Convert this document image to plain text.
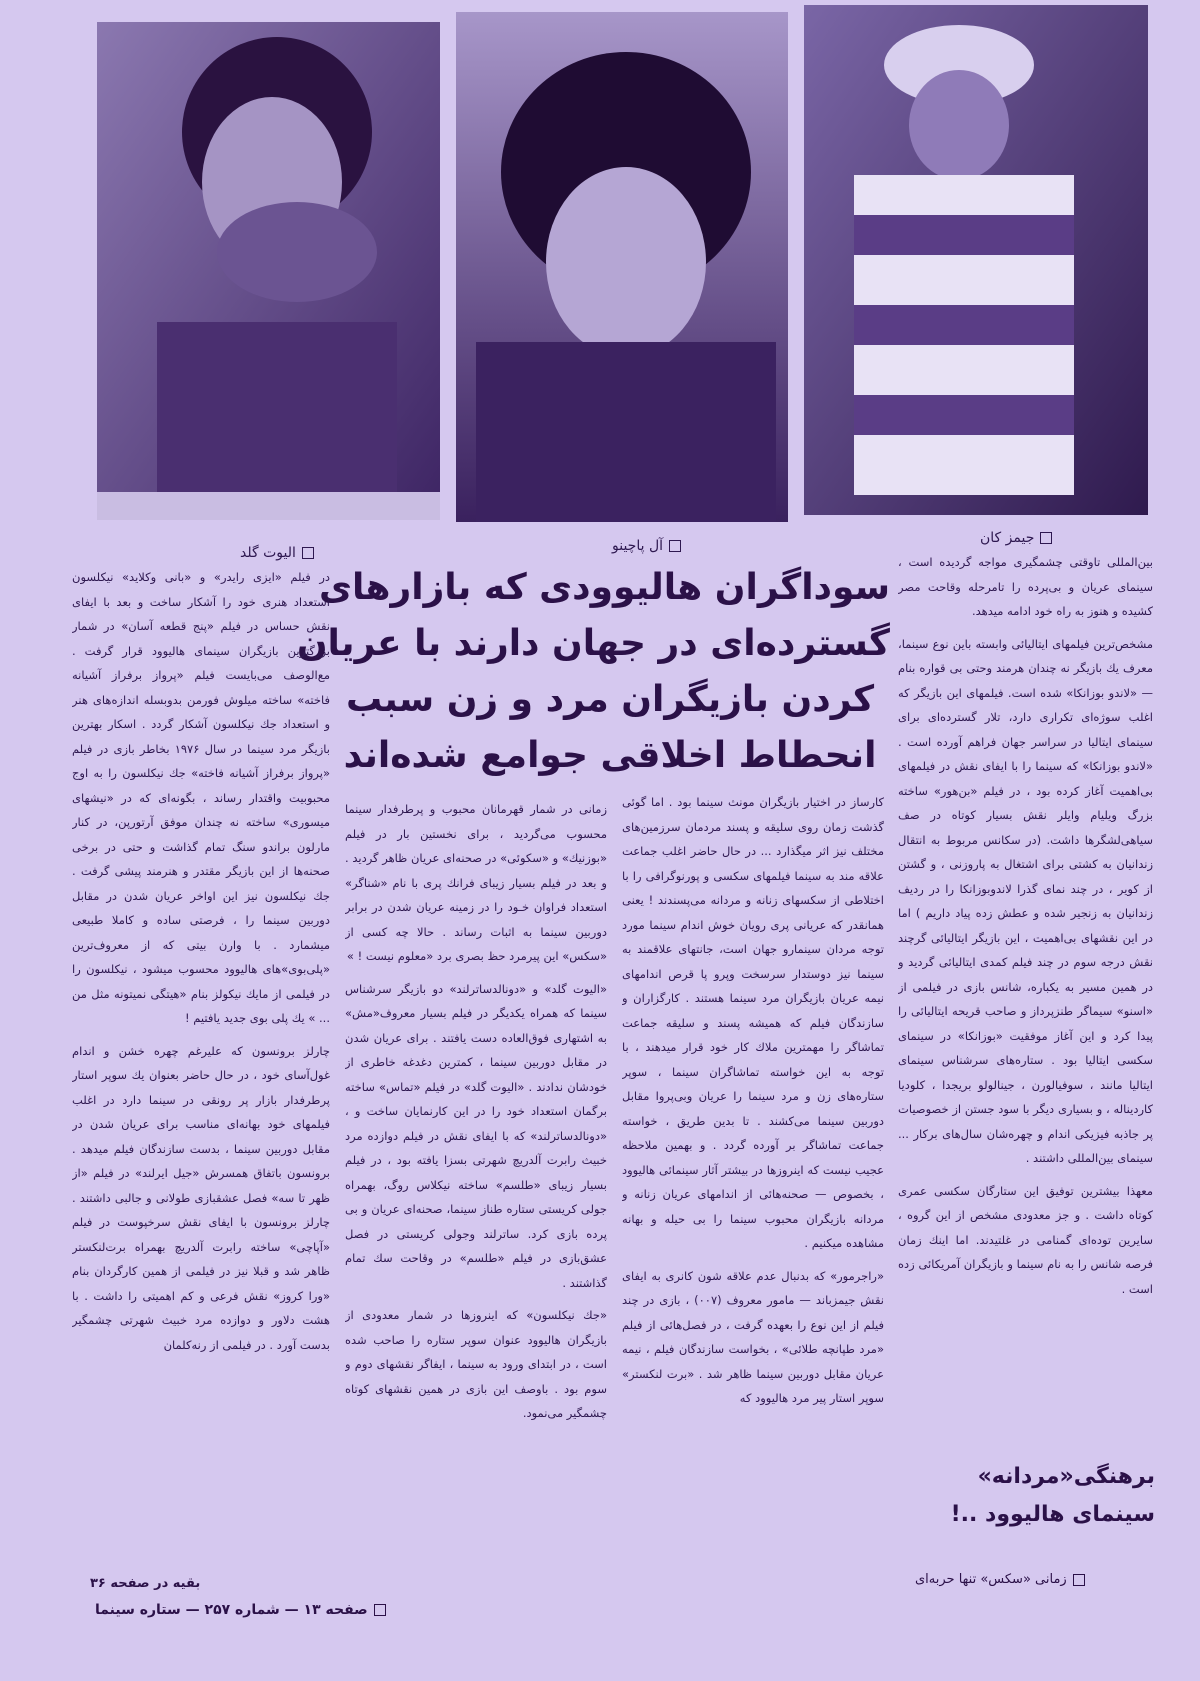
الیوت گلد	آل پاچینو	جیمز کان
سوداگران هالیوودی که بازارهای
گسترده‌ای در جهان دارند با عریان
کردن بازیگران مرد و زن سبب
انحطاط اخلاقی جوامع شده‌اند

بین‌المللی تاوقتی چشمگیری مواجه گردیده است ، سینمای عریان و بی‌پرده را تامرحله وقاحت مصر کشیده و هنوز به راه خود ادامه میدهد.

مشخص‌ترین فیلمهای ایتالیائی وابسته باین نوع سینما، معرف یك بازیگر نه چندان هرمند وحتی بی قواره بنام — «لاندو بوزانکا» شده است. فیلمهای این بازیگر که اغلب سوژه‌ای تکراری دارد، تلار گسترده‌ای برای سینمای ایتالیا در سراسر جهان فراهم آورده است . «لاندو بوزانکا» که سینما را با ایفای نقش در فیلمهای بی‌اهمیت آغاز کرده بود ، در فیلم «بن‌هور» ساخته بزرگ ویلیام وایلر نقش بسیار کوتاه در صف سیاهی‌لشگرها داشت. (در سکانس مربوط به انتقال زندانیان به کشتی برای اشتغال به پاروزنی ، و گشتن از کویر ، در چند نمای گذرا لاندوبوزانکا را در ردیف زندانیان به زنجیر شده و عطش زده پیاد داریم ) اما در این نقشهای بی‌اهمیت ، این بازیگر ایتالیائی گرچند نقش درجه سوم در چند فیلم کمدی ایتالیائی گردید و در همین مسیر به یکباره، شانس بازی در فیلمی از «اسنو» سیماگر طنزپرداز و صاحب قریحه ایتالیائی را پیدا کرد و این آغاز موفقیت «بوزانکا» در سینمای سکسی ایتالیا بود . ستاره‌های سرشناس سینمای ایتالیا مانند ، سوفیالورن ، جینالولو بریجدا ، کلودیا کاردیناله ، و بسیاری دیگر با سود جستن از خصوصیات پر جاذبه فیزیکی اندام و چهره‌شان سال‌های برکار ... سینمای بین‌المللی داشتند .

معهذا بیشترین توفیق این ستارگان سکسی عمری کوتاه داشت . و جز معدودی مشخص از این گروه ، سایرین توده‌ای گمنامی در غلتیدند. اما اینك زمان فرصه شانس را به نام سینما و بازیگران آمریکائی زده است .

برهنگی«مردانه» سینمای هالیوود ..!
زمانی «سکس» تنها حربه‌ای

کارساز در اختیار بازیگران مونث سینما بود . اما گوئی گذشت زمان روی سلیقه و پسند مردمان سرزمین‌های مختلف نیز اثر میگذارد ... در حال حاضر اغلب جماعت علاقه مند به سینما فیلمهای سکسی و پورنوگرافی را با اختلاطی از سکسهای زنانه و مردانه می‌پسندند ! یعنی همانقدر که عریانی پری رویان خوش اندام سینما مورد توجه مردان سینمارو جهان است، جانتهای علاقمند به سینما نیز دوستدار سرسخت وپرو پا قرص اندامهای نیمه عریان بازیگران مرد سینما هستند . کارگزاران و سازندگان فیلم که همیشه پسند و سلیقه جماعت تماشاگر را مهمترین ملاك کار خود قرار میدهند ، با توجه به این خواسته تماشاگران سینما ، سوپر ستاره‌های زن و مرد سینما را عریان وبی‌پروا مقابل دوربین سینما می‌کشند . تا بدین طریق ، خواسته جماعت تماشاگر بر آورده گردد . و بهمین ملاحظه عجیب نیست که اینروزها در بیشتر آثار سینمائی هالیوود ، بخصوص — صحنه‌هائی از اندامهای عریان زنانه و مردانه بازیگران محبوب سینما را بی حیله و بهانه مشاهده میکنیم .

«راجرمور» که بدنبال عدم علاقه شون کانری به ایفای نقش جیمزباند — مامور معروف (۰۰۷) ، بازی در چند فیلم از این نوع را بعهده گرفت ، در فصل‌هائی از فیلم «مرد طپانچه طلائی» ، بخواست سازندگان فیلم ، نیمه عریان مقابل دوربین سینما ظاهر شد . «برت لنکستر» سوپر استار پیر مرد هالیوود که

زمانی در شمار قهرمانان محبوب و پرطرفدار سینما محسوب می‌گردید ، برای نخستین بار در فیلم «بوزنیك» و «سکوئی» در صحنه‌ای عریان ظاهر گردید . و بعد در فیلم بسیار زیبای فرانك پری با نام «شناگر» استعداد فراوان خـود را در زمینه عریان شدن در برابر دوربین سینما به اثبات رساند . حالا چه کسی از «سکس» این پیرمرد حظ بصری برد «معلوم نیست ! »

«الیوت گلد» و «دونالدساترلند» دو بازیگر سرشناس سینما که همراه یکدیگر در فیلم بسیار معروف«مش» به اشتهاری فوق‌العاده دست یافتند . برای عریان شدن در مقابل دوربین سینما ، کمترین دغدغه خاطری از خودشان ندادند . «الیوت گلد» در فیلم «تماس» ساخته برگمان استعداد خود را در این کارنمایان ساخت و ، «دونالدساترلند» که با ایفای نقش در فیلم دوازده مرد خبیث رابرت آلدریچ شهرتی بسزا یافته بود ، در فیلم بسیار زیبای «طلسم» ساخته نیکلاس روگ، بهمراه جولی کریستی ستاره طناز سینما، صحنه‌ای عریان و بی پرده بازی کرد. ساترلند وجولی کریستی در فصل عشق‌بازی در فیلم «طلسم» در وقاحت سك تمام گذاشتند .

«جك نیکلسون» که اینروزها در شمار معدودی از بازیگران هالیوود عنوان سوپر ستاره را صاحب شده است ، در ابتدای ورود به سینما ، ایفاگر نقشهای دوم و سوم بود . باوصف این بازی در همین نقشهای کوتاه چشمگیر می‌نمود.

در فیلم «ایزی رایدر» و «بانی وکلاید» نیکلسون استعداد هنری خود را آشکار ساخت و بعد با ایفای نقش حساس در فیلم «پنج قطعه آسان» در شمار بزرگترین بازیگران سینمای هالیوود قرار گرفت . مع‌الوصف می‌بایست فیلم «پرواز برفراز آشیانه فاخته» ساخته میلوش فورمن بدوبسله اندازه‌های هنر و استعداد جك نیکلسون آشکار گردد . اسکار بهترین بازیگر مرد سینما در سال ۱۹۷۶ بخاطر بازی در فیلم «پرواز برفراز آشیانه فاخته» جك نیکلسون را به اوج محبوبیت واقتدار رساند ، بگونه‌ای که در «نیشهای میسوری» ساخته نه چندان موفق آرتورپن، در کنار مارلون براندو سنگ تمام گذاشت و حتی در برخی صحنه‌ها از این بازیگر مقتدر و هنرمند پیشی گرفت . جك نیکلسون نیز این اواخر عریان شدن در مقابل دوربین سینما را ، فرصتی ساده و کاملا طبیعی میشمارد . با وارن بیتی که از معروف‌ترین «پلی‌بوی»های هالیوود محسوب میشود ، نیکلسون را در فیلمی از مایك نیکولز بنام «هیتگی نمیتونه مثل من ... » یك پلی بوی جدید یافتیم !

چارلز برونسون که علیرغم چهره خشن و اندام غول‌آسای خود ، در حال حاضر بعنوان یك سوپر استار پرطرفدار بازار پر رونقی در سینما دارد در اغلب فیلمهای خود بهانه‌ای مناسب برای عریان شدن در مقابل دوربین سینما ، بدست سازندگان فیلم میدهد . برونسون باتفاق همسرش «جیل ایرلند» در فیلم «از ظهر تا سه» فصل عشقبازی طولانی و جالبی داشتند . چارلز برونسون با ایفای نقش سرخپوست در فیلم «آپاچی» ساخته رابرت آلدریچ بهمراه برت‌لنکستر ظاهر شد و قبلا نیز در فیلمی از همین کارگردان بنام «ورا کروز» نقش فرعی و کم اهمیتی را داشت . با هشت دلاور و دوازده مرد خبیث شهرتی چشمگیر بدست آورد . در فیلمی از رنه‌کلمان

بقیه در صفحه ۳۶
صفحه ۱۳ — شماره ۲۵۷ — ستاره سینما
